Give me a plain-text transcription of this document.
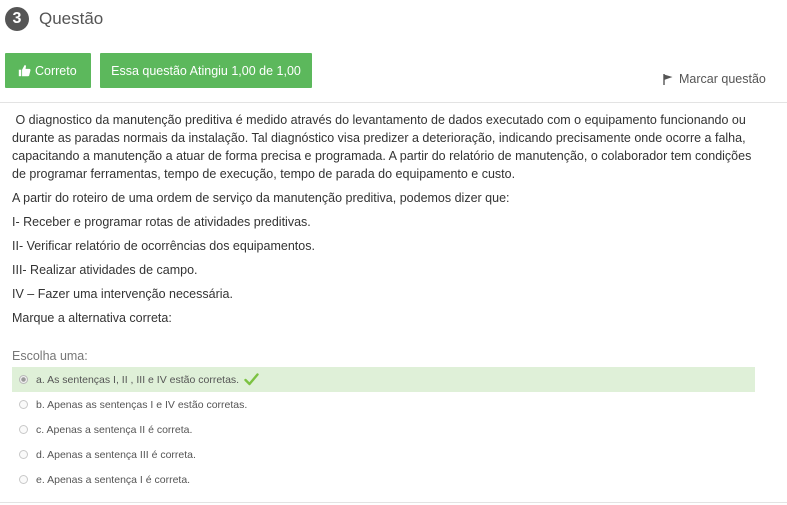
3	Questão
Correto	Essa questão Atingiu 1,00 de 1,00
Marcar questão

O diagnostico da manutenção preditiva é medido através do levantamento de dados executado com o equipamento funcionando ou durante as paradas normais da instalação. Tal diagnóstico visa predizer a deterioração, indicando precisamente onde ocorre a falha, capacitando a manutenção a atuar de forma precisa e programada. A partir do relatório de manutenção, o colaborador tem condições de programar ferramentas, tempo de execução, tempo de parada do equipamento e custo.

A partir do roteiro de uma ordem de serviço da manutenção preditiva, podemos dizer que:

I- Receber e programar rotas de atividades preditivas.

II- Verificar relatório de ocorrências dos equipamentos.

III- Realizar atividades de campo.

IV – Fazer uma intervenção necessária.

Marque a alternativa correta:

Escolha uma:
a. As sentenças I, II , III e IV estão corretas.
b. Apenas as sentenças I e IV estão corretas.
c. Apenas a sentença II é correta.
d. Apenas a sentença III é correta.
e. Apenas a sentença I é correta.
